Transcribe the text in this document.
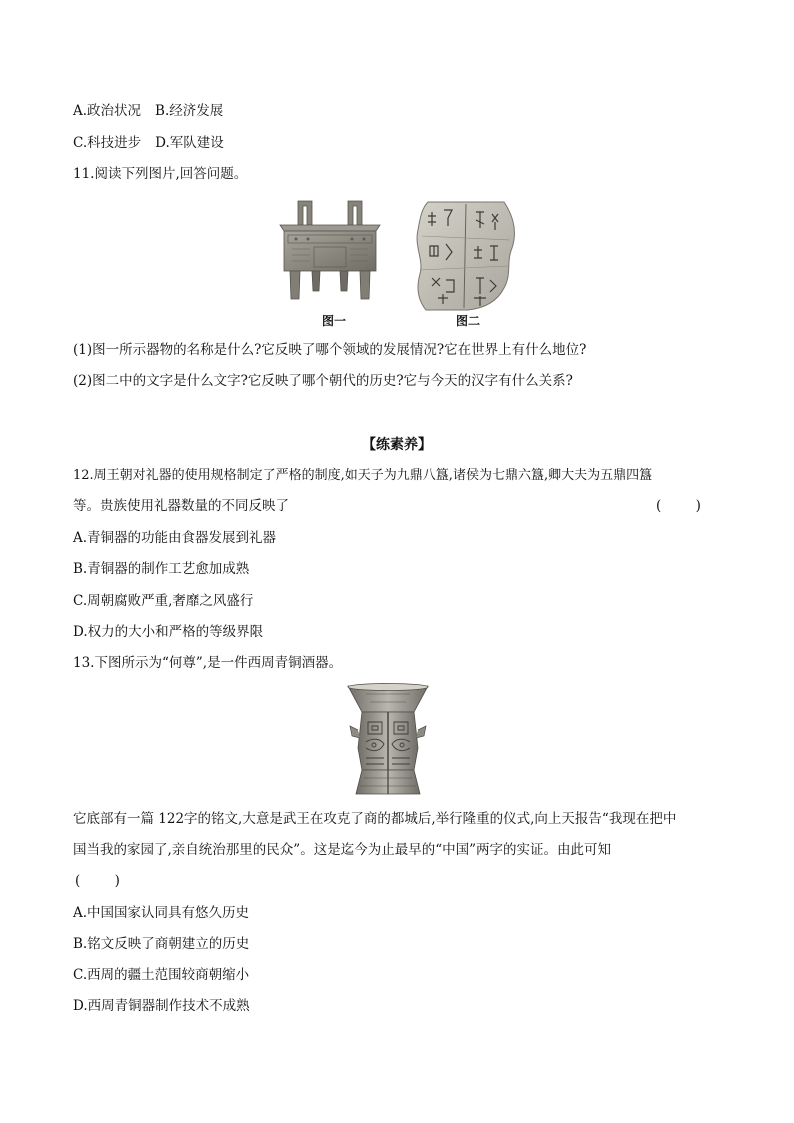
A.政治状况 B.经济发展
C.科技进步 D.军队建设
11.阅读下列图片,回答问题。
图一	图二
(1)图一所示器物的名称是什么?它反映了哪个领域的发展情况?它在世界上有什么地位?
(2)图二中的文字是什么文字?它反映了哪个朝代的历史?它与今天的汉字有什么关系?
【练素养】
12.周王朝对礼器的使用规格制定了严格的制度,如天子为九鼎八簋,诸侯为七鼎六簋,卿大夫为五鼎四簋
等。贵族使用礼器数量的不同反映了	(        )
A.青铜器的功能由食器发展到礼器
B.青铜器的制作工艺愈加成熟
C.周朝腐败严重,奢靡之风盛行
D.权力的大小和严格的等级界限
13.下图所示为“何尊”,是一件西周青铜酒器。
它底部有一篇 122字的铭文,大意是武王在攻克了商的都城后,举行隆重的仪式,向上天报告“我现在把中
国当我的家园了,亲自统治那里的民众”。这是迄今为止最早的“中国”两字的实证。由此可知
(        )
A.中国国家认同具有悠久历史
B.铭文反映了商朝建立的历史
C.西周的疆土范围较商朝缩小
D.西周青铜器制作技术不成熟
